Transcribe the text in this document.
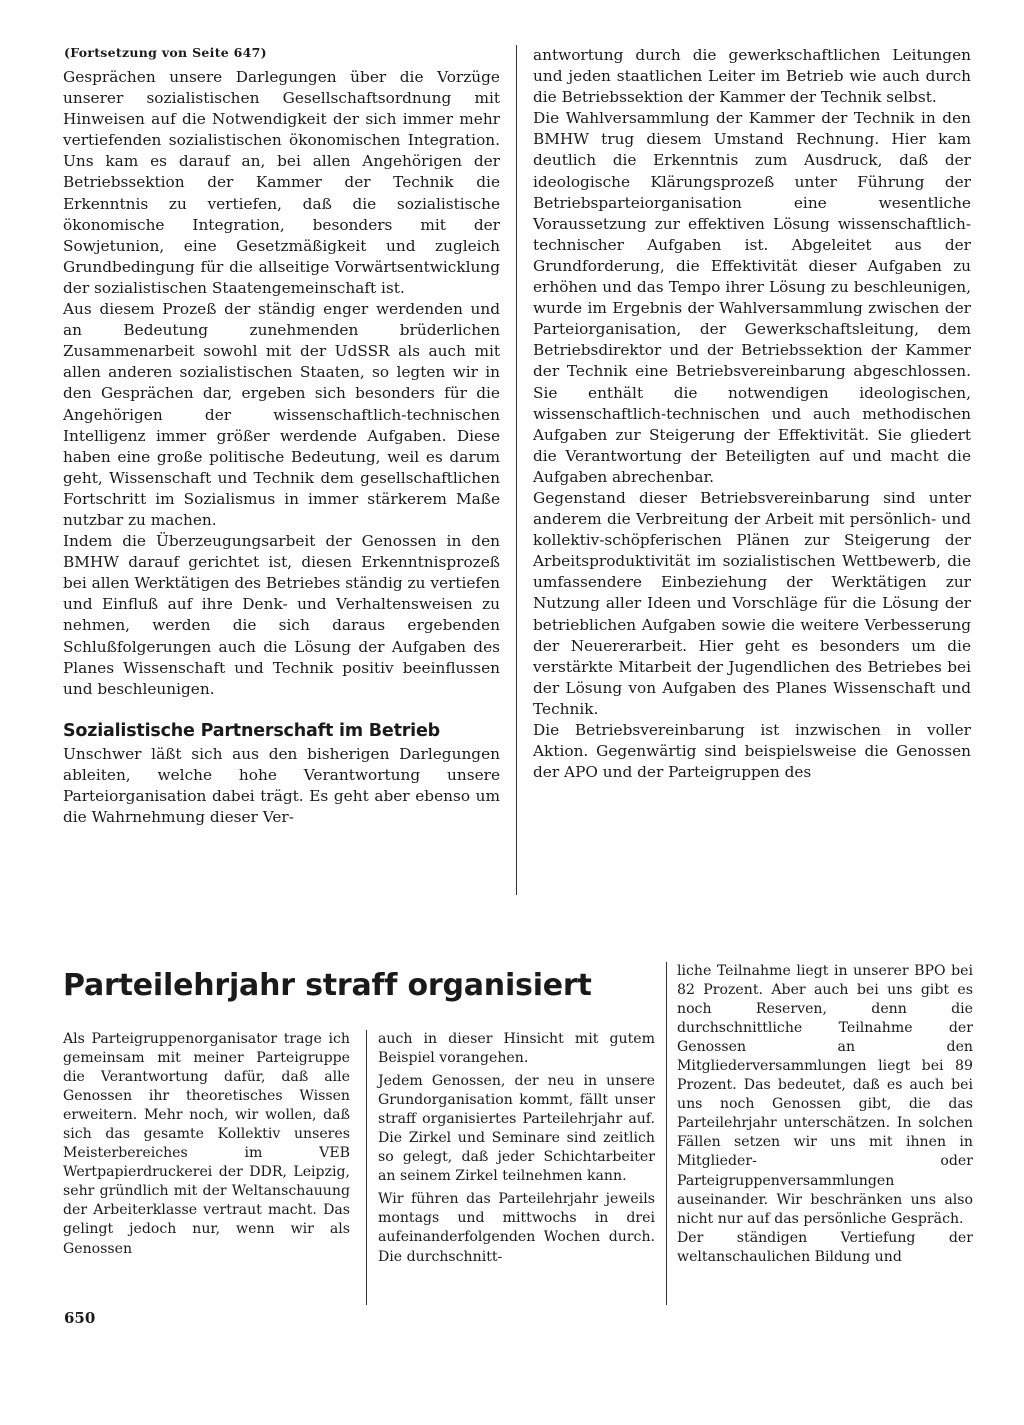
(Fortsetzung von Seite 647)

Gesprächen unsere Darlegungen über die Vorzüge unserer sozialistischen Gesellschaftsordnung mit Hinweisen auf die Notwendigkeit der sich immer mehr vertiefenden sozialistischen ökonomischen Integration. Uns kam es darauf an, bei allen Angehörigen der Betriebssektion der Kammer der Technik die Erkenntnis zu vertiefen, daß die sozialistische ökonomische Integration, besonders mit der Sowjetunion, eine Gesetzmäßigkeit und zugleich Grundbedingung für die allseitige Vorwärtsentwicklung der sozialistischen Staatengemeinschaft ist.

Aus diesem Prozeß der ständig enger werdenden und an Bedeutung zunehmenden brüderlichen Zusammenarbeit sowohl mit der UdSSR als auch mit allen anderen sozialistischen Staaten, so legten wir in den Gesprächen dar, ergeben sich besonders für die Angehörigen der wissenschaftlich-technischen Intelligenz immer größer werdende Aufgaben. Diese haben eine große politische Bedeutung, weil es darum geht, Wissenschaft und Technik dem gesellschaftlichen Fortschritt im Sozialismus in immer stärkerem Maße nutzbar zu machen.

Indem die Überzeugungsarbeit der Genossen in den BMHW darauf gerichtet ist, diesen Erkenntnisprozeß bei allen Werktätigen des Betriebes ständig zu vertiefen und Einfluß auf ihre Denk- und Verhaltensweisen zu nehmen, werden die sich daraus ergebenden Schlußfolgerungen auch die Lösung der Aufgaben des Planes Wissenschaft und Technik positiv beeinflussen und beschleunigen.

Sozialistische Partnerschaft im Betrieb

Unschwer läßt sich aus den bisherigen Darlegungen ableiten, welche hohe Verantwortung unsere Parteiorganisation dabei trägt. Es geht aber ebenso um die Wahrnehmung dieser Ver-

antwortung durch die gewerkschaftlichen Leitungen und jeden staatlichen Leiter im Betrieb wie auch durch die Betriebssektion der Kammer der Technik selbst.

Die Wahlversammlung der Kammer der Technik in den BMHW trug diesem Umstand Rechnung. Hier kam deutlich die Erkenntnis zum Ausdruck, daß der ideologische Klärungsprozeß unter Führung der Betriebsparteiorganisation eine wesentliche Voraussetzung zur effektiven Lösung wissenschaftlich-technischer Aufgaben ist. Abgeleitet aus der Grundforderung, die Effektivität dieser Aufgaben zu erhöhen und das Tempo ihrer Lösung zu beschleunigen, wurde im Ergebnis der Wahlversammlung zwischen der Parteiorganisation, der Gewerkschaftsleitung, dem Betriebsdirektor und der Betriebssektion der Kammer der Technik eine Betriebsvereinbarung abgeschlossen. Sie enthält die notwendigen ideologischen, wissenschaftlich-technischen und auch methodischen Aufgaben zur Steigerung der Effektivität. Sie gliedert die Verantwortung der Beteiligten auf und macht die Aufgaben abrechenbar.

Gegenstand dieser Betriebsvereinbarung sind unter anderem die Verbreitung der Arbeit mit persönlich- und kollektiv-schöpferischen Plänen zur Steigerung der Arbeitsproduktivität im sozialistischen Wettbewerb, die umfassendere Einbeziehung der Werktätigen zur Nutzung aller Ideen und Vorschläge für die Lösung der betrieblichen Aufgaben sowie die weitere Verbesserung der Neuererarbeit. Hier geht es besonders um die verstärkte Mitarbeit der Jugendlichen des Betriebes bei der Lösung von Aufgaben des Planes Wissenschaft und Technik.

Die Betriebsvereinbarung ist inzwischen in voller Aktion. Gegenwärtig sind beispielsweise die Genossen der APO und der Parteigruppen des

Parteilehrjahr straff organisiert

Als Parteigruppenorganisator trage ich gemeinsam mit meiner Parteigruppe die Verantwortung dafür, daß alle Genossen ihr theoretisches Wissen erweitern. Mehr noch, wir wollen, daß sich das gesamte Kollektiv unseres Meisterbereiches im VEB Wertpapierdruckerei der DDR, Leipzig, sehr gründlich mit der Weltanschauung der Arbeiterklasse vertraut macht. Das gelingt jedoch nur, wenn wir als Genossen

auch in dieser Hinsicht mit gutem Beispiel vorangehen.

Jedem Genossen, der neu in unsere Grundorganisation kommt, fällt unser straff organisiertes Parteilehrjahr auf. Die Zirkel und Seminare sind zeitlich so gelegt, daß jeder Schichtarbeiter an seinem Zirkel teilnehmen kann.

Wir führen das Parteilehrjahr jeweils montags und mittwochs in drei aufeinanderfolgenden Wochen durch. Die durchschnitt-

liche Teilnahme liegt in unserer BPO bei 82 Prozent. Aber auch bei uns gibt es noch Reserven, denn die durchschnittliche Teilnahme der Genossen an den Mitgliederversammlungen liegt bei 89 Prozent. Das bedeutet, daß es auch bei uns noch Genossen gibt, die das Parteilehrjahr unterschätzen. In solchen Fällen setzen wir uns mit ihnen in Mitglieder- oder Parteigruppenversammlungen auseinander. Wir beschränken uns also nicht nur auf das persönliche Gespräch.

Der ständigen Vertiefung der weltanschaulichen Bildung und

650
